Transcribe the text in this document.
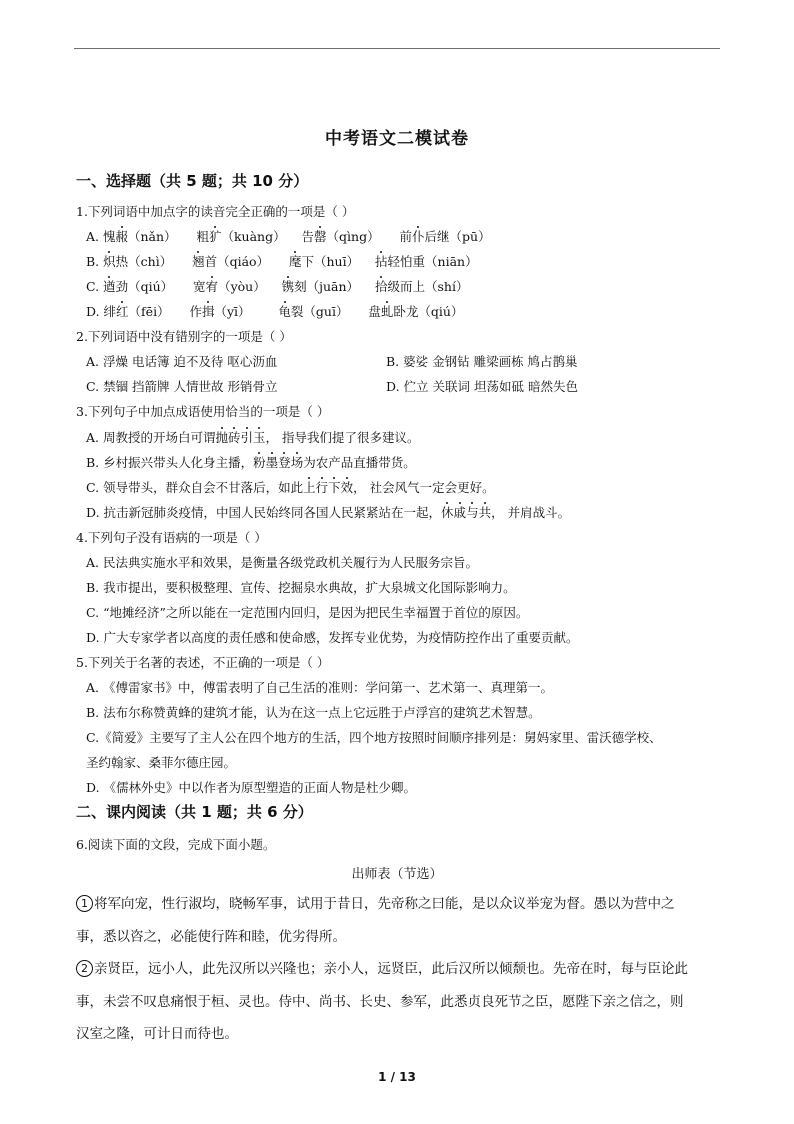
中考语文二模试卷
一、选择题（共 5 题；共 10 分）
1.下列词语中加点字的读音完全正确的一项是（ ）
A. 愧赧（nǎn） 粗犷（kuàng） 告罄（qìng） 前仆后继（pū）
B. 炽热（chì） 翘首（qiáo） 麾下（huī） 拈轻怕重（niān）
C. 遒劲（qiú） 宽宥（yòu） 镌刻（juān） 拾级而上（shí）
D. 绯红（fēi） 作揖（yī） 龟裂（guī） 盘虬卧龙（qiú）
2.下列词语中没有错别字的一项是（ ）
A. 浮燥 电话簿 迫不及待 呕心沥血	B. 婆娑 金钢钻 雕梁画栋 鸠占鹊巢
C. 禁锢 挡箭牌 人情世故 形销骨立	D. 伫立 关联词 坦荡如砥 暗然失色
3.下列句子中加点成语使用恰当的一项是（ ）
A. 周教授的开场白可谓抛砖引玉， 指导我们提了很多建议。
B. 乡村振兴带头人化身主播，粉墨登场为农产品直播带货。
C. 领导带头，群众自会不甘落后，如此上行下效， 社会风气一定会更好。
D. 抗击新冠肺炎疫情，中国人民始终同各国人民紧紧站在一起，休戚与共， 并肩战斗。
4.下列句子没有语病的一项是（ ）
A. 民法典实施水平和效果，是衡量各级党政机关履行为人民服务宗旨。
B. 我市提出，要积极整理、宣传、挖掘泉水典故，扩大泉城文化国际影响力。
C. “地摊经济”之所以能在一定范围内回归，是因为把民生幸福置于首位的原因。
D. 广大专家学者以高度的责任感和使命感，发挥专业优势，为疫情防控作出了重要贡献。
5.下列关于名著的表述，不正确的一项是（ ）
A. 《傅雷家书》中，傅雷表明了自己生活的准则：学问第一、艺术第一、真理第一。
B. 法布尔称赞黄蜂的建筑才能，认为在这一点上它远胜于卢浮宫的建筑艺术智慧。
C.《简爱》主要写了主人公在四个地方的生活，四个地方按照时间顺序排列是：舅妈家里、雷沃德学校、
圣约翰家、桑菲尔德庄园。
D. 《儒林外史》中以作者为原型塑造的正面人物是杜少卿。
二、课内阅读（共 1 题；共 6 分）
6.阅读下面的文段，完成下面小题。
出师表（节选）
1 将军向宠，性行淑均，晓畅军事，试用于昔日，先帝称之曰能，是以众议举宠为督。愚以为营中之
事，悉以咨之，必能使行阵和睦，优劣得所。
2 亲贤臣，远小人，此先汉所以兴隆也；亲小人，远贤臣，此后汉所以倾颓也。先帝在时，每与臣论此
事，未尝不叹息痛恨于桓、灵也。侍中、尚书、长史、参军，此悉贞良死节之臣，愿陛下亲之信之，则
汉室之隆，可计日而待也。
1 / 13
